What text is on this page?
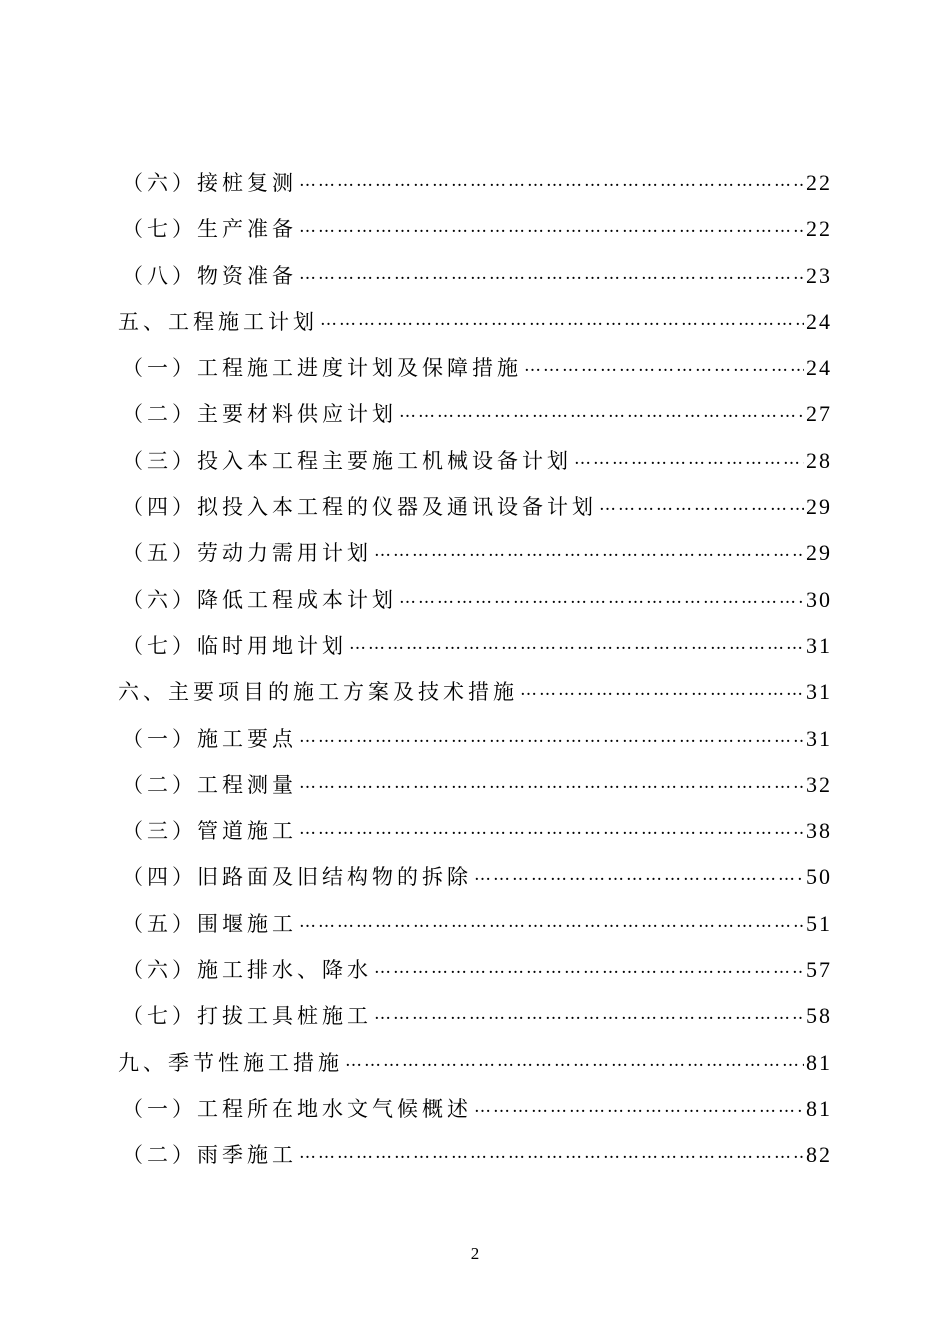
（六）接桩复测 …………………………………………………………………………………………………………………………………………	22
（七）生产准备 …………………………………………………………………………………………………………………………………………	22
（八）物资准备 …………………………………………………………………………………………………………………………………………	23
五、工程施工计划 …………………………………………………………………………………………………………………………………………	24
（一）工程施工进度计划及保障措施 …………………………………………………………………………………………………………………………………………	24
（二）主要材料供应计划 …………………………………………………………………………………………………………………………………………	27
（三）投入本工程主要施工机械设备计划 …………………………………………………………………………………………………………………………………………	28
（四）拟投入本工程的仪器及通讯设备计划 …………………………………………………………………………………………………………………………………………	29
（五）劳动力需用计划 …………………………………………………………………………………………………………………………………………	29
（六）降低工程成本计划 …………………………………………………………………………………………………………………………………………	30
（七）临时用地计划 …………………………………………………………………………………………………………………………………………	31
六、主要项目的施工方案及技术措施 …………………………………………………………………………………………………………………………………………	31
（一）施工要点 …………………………………………………………………………………………………………………………………………	31
（二）工程测量 …………………………………………………………………………………………………………………………………………	32
（三）管道施工 …………………………………………………………………………………………………………………………………………	38
（四）旧路面及旧结构物的拆除 …………………………………………………………………………………………………………………………………………	50
（五）围堰施工 …………………………………………………………………………………………………………………………………………	51
（六）施工排水、降水 …………………………………………………………………………………………………………………………………………	57
（七）打拔工具桩施工 …………………………………………………………………………………………………………………………………………	58
九、季节性施工措施 …………………………………………………………………………………………………………………………………………	81
（一）工程所在地水文气候概述 …………………………………………………………………………………………………………………………………………	81
（二）雨季施工 …………………………………………………………………………………………………………………………………………	82
2
